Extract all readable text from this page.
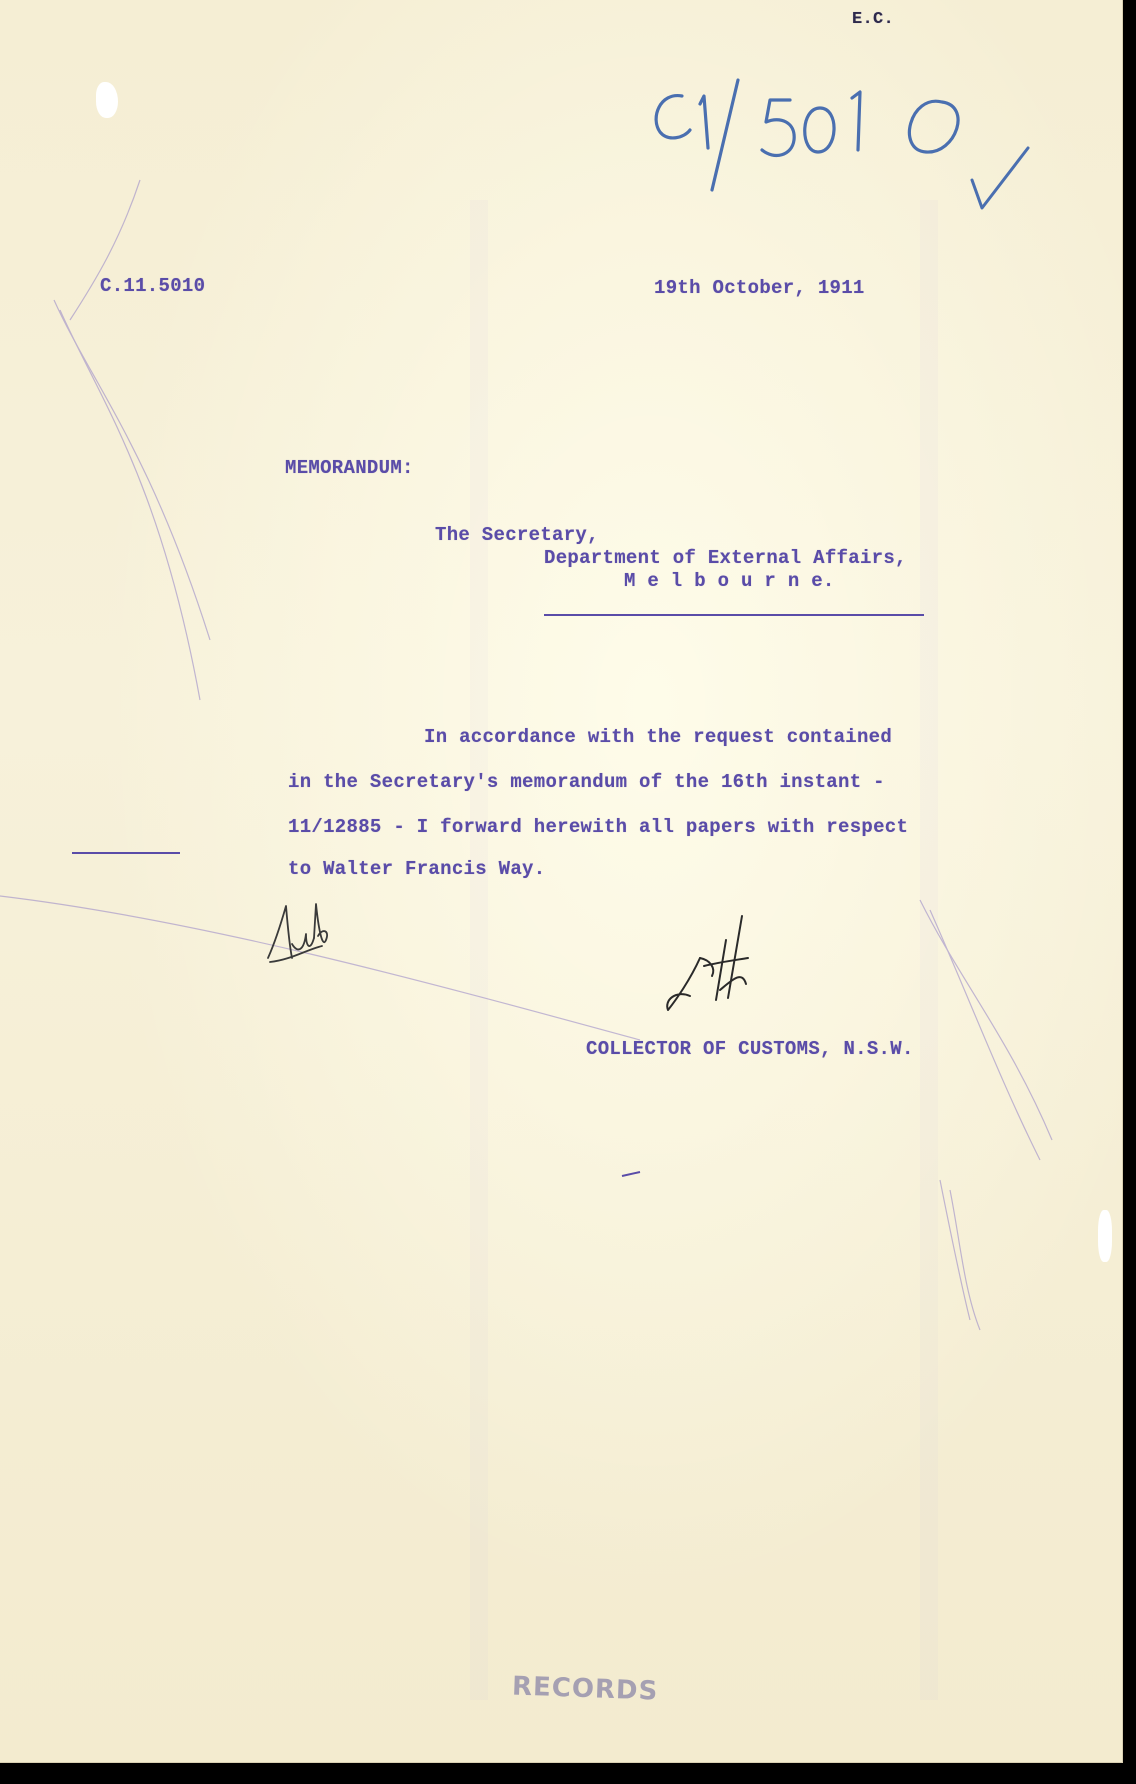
E.C.
C.11.5010	19th October, 1911
MEMORANDUM:
The Secretary,
Department of External Affairs,
M e l b o u r n e.
In accordance with the request contained
in the Secretary's memorandum of the 16th instant -
11/12885 - I forward herewith all papers with respect
to Walter Francis Way.
COLLECTOR OF CUSTOMS, N.S.W.
RECORDS
